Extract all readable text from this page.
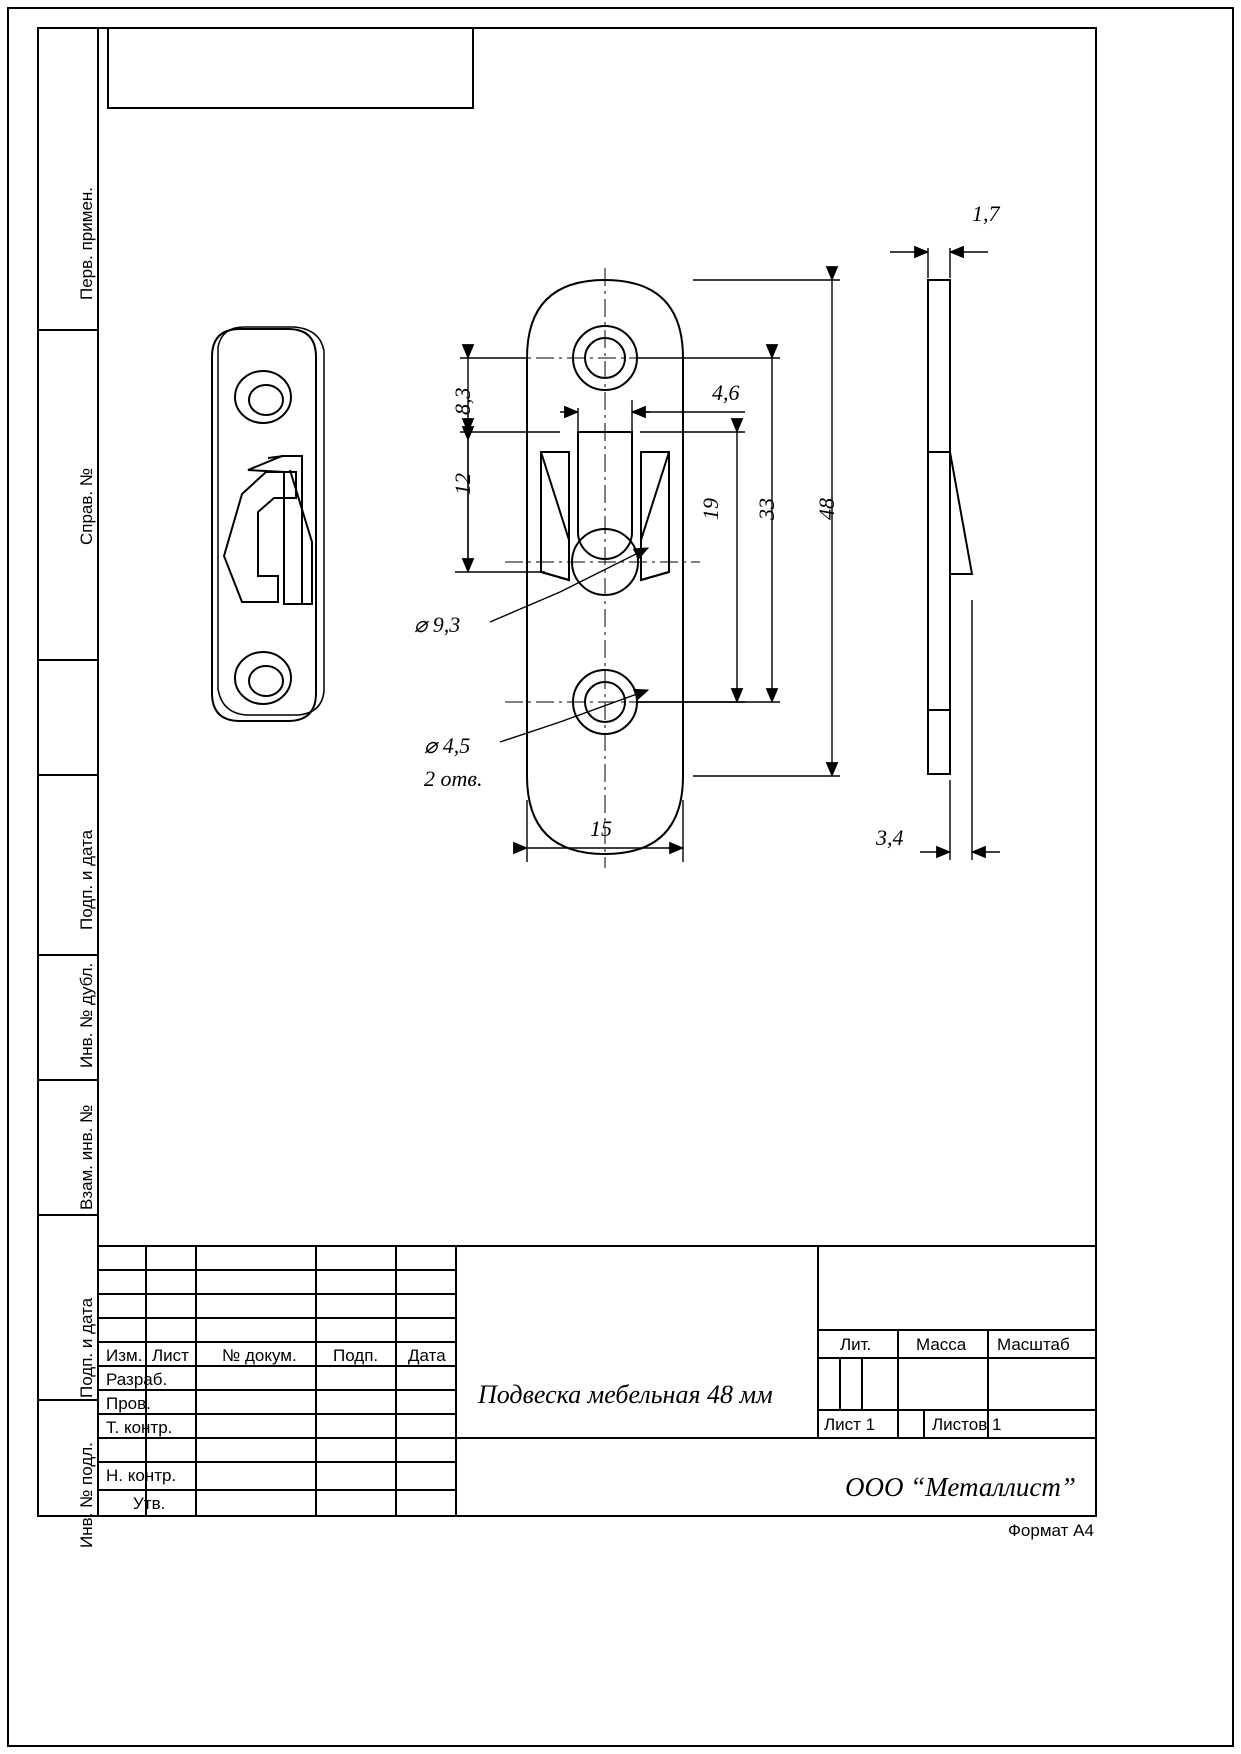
Перв. примен.
Справ. №
Подп. и дата
Инв. № дубл.
Взам. инв. №
Подп. и дата
Инв. № подл.
1,7
4,6
8,3
12
19 33 48
15	3,4
⌀ 9,3
⌀ 4,5
2 отв.
Изм. Лист № докум. Подп. Дата
Разраб.
Пров.
Т. контр.
Н. контр.
Утв.
Подвеска мебельная 48 мм
ООО “Металлист”
Лит.	Масса Масштаб
Лист 1	Листов 1
Формат А4
